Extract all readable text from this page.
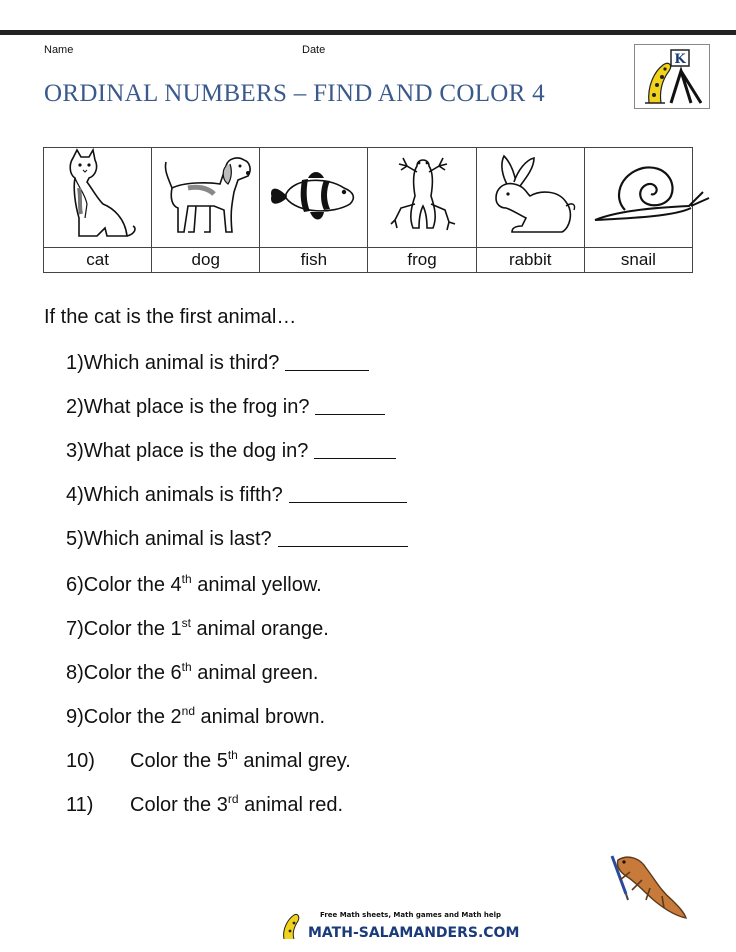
Name	Date
ORDINAL NUMBERS – FIND AND COLOR 4
K

cat	dog	fish	frog	rabbit	snail
If the cat is the first animal…
1)Which animal is third?
2)What place is the frog in?
3)What place is the dog in?
4)Which animals is fifth?
5)Which animal is last?
6)Color the 4th animal yellow.
7)Color the 1st animal orange.
8)Color the 6th animal green.
9)Color the 2nd animal brown.
10) Color the 5th animal grey.
11) Color the 3rd animal red.
Free Math sheets, Math games and Math help
MATH-SALAMANDERS.COM
